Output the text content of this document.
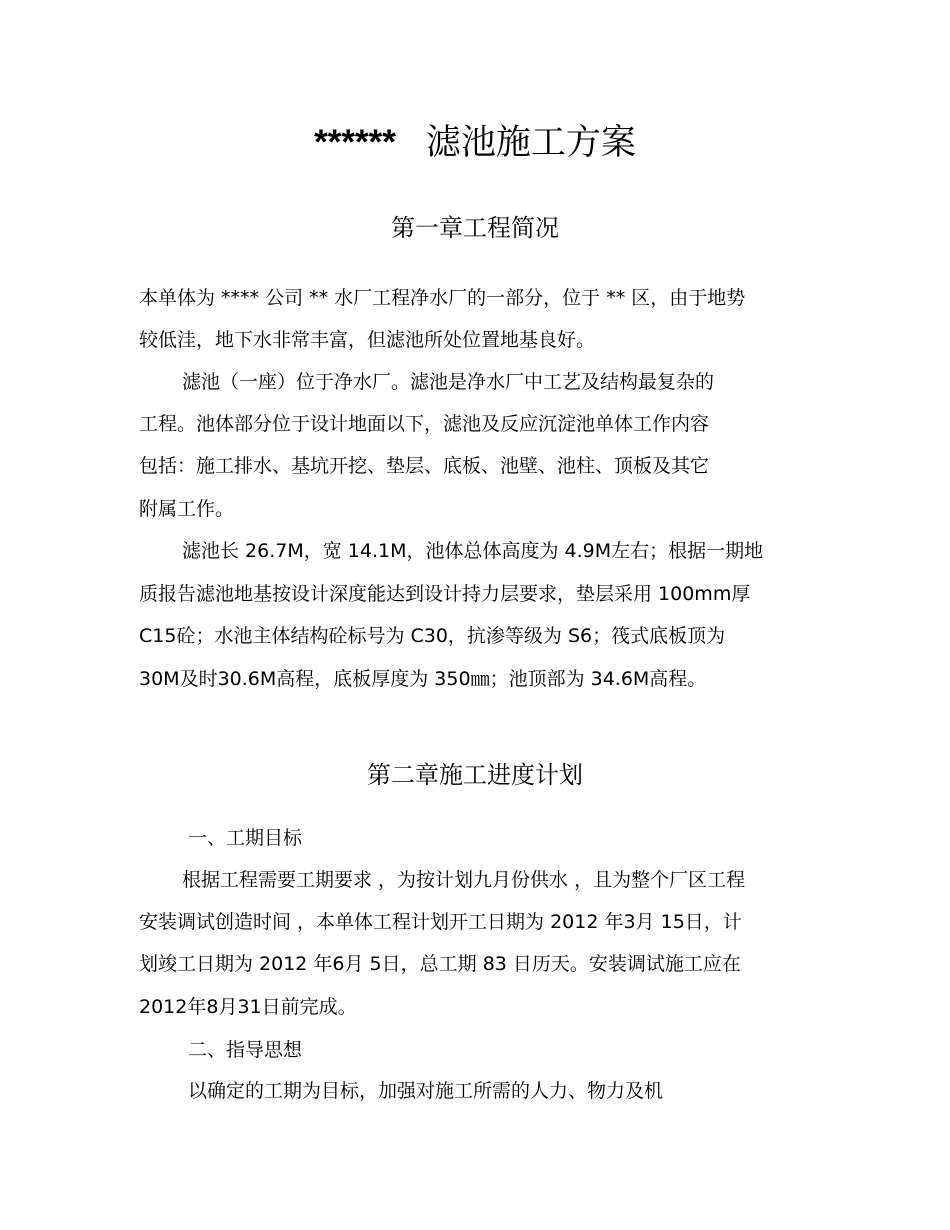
****** 滤池施工方案
第一章工程简况
本单体为 **** 公司 ** 水厂工程净水厂的一部分，位于 ** 区，由于地势
较低洼，地下水非常丰富，但滤池所处位置地基良好。
滤池（一座）位于净水厂。滤池是净水厂中工艺及结构最复杂的
工程。池体部分位于设计地面以下，滤池及反应沉淀池单体工作内容
包括：施工排水、基坑开挖、垫层、底板、池壁、池柱、顶板及其它
附属工作。
滤池长 26.7M，宽 14.1M，池体总体高度为 4.9M左右；根据一期地
质报告滤池地基按设计深度能达到设计持力层要求，垫层采用 100mm厚
C15砼；水池主体结构砼标号为 C30，抗渗等级为 S6；筏式底板顶为
30M及时30.6M高程，底板厚度为 350㎜；池顶部为 34.6M高程。
第二章施工进度计划
一、工期目标
根据工程需要工期要求 ，为按计划九月份供水 ，且为整个厂区工程
安装调试创造时间 ，本单体工程计划开工日期为 2012 年3月 15日，计
划竣工日期为 2012 年6月 5日，总工期 83 日历天。安装调试施工应在
2012年8月31日前完成。
二、指导思想
以确定的工期为目标，加强对施工所需的人力、物力及机
